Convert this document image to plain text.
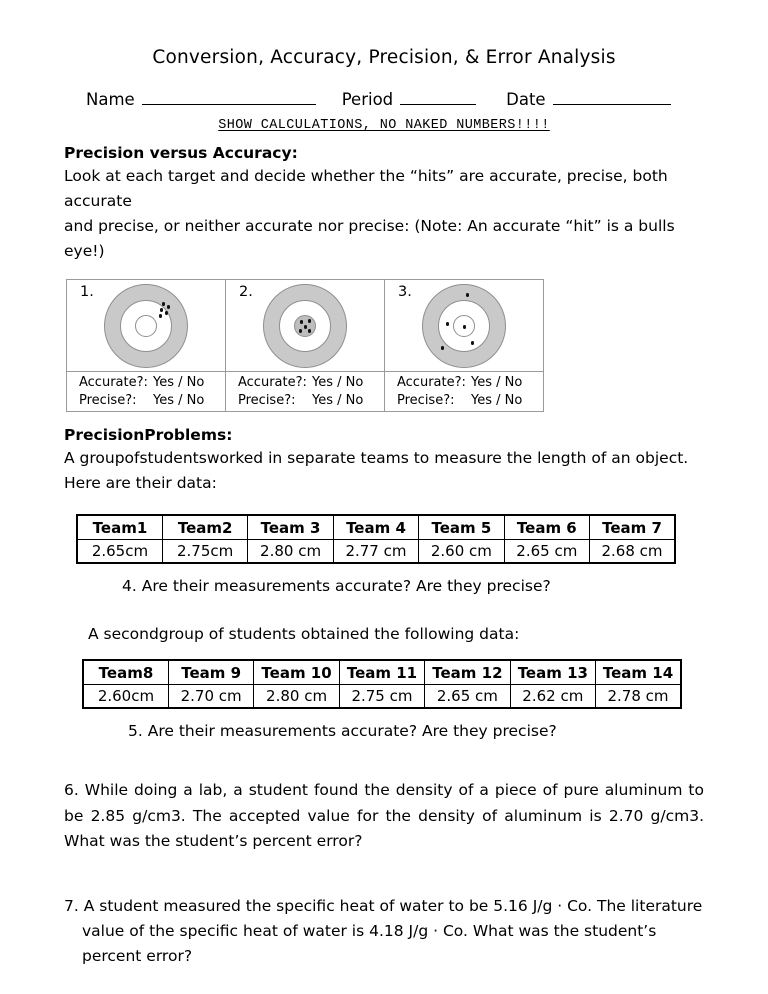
Conversion, Accuracy, Precision, & Error Analysis
Name	Period	Date
SHOW CALCULATIONS, NO NAKED NUMBERS!!!!
Precision versus Accuracy:
Look at each target and decide whether the “hits” are accurate, precise, both accurate
and precise, or neither accurate nor precise: (Note: An accurate “hit” is a bulls eye!)
1.	2.	3.

Accurate?: Yes / No
Precise?: Yes / No

Accurate?: Yes / No
Precise?: Yes / No

Accurate?: Yes / No
Precise?: Yes / No
PrecisionProblems:
A groupofstudentsworked in separate teams to measure the length of an object.
Here are their data:
Team1	Team2	Team 3	Team 4	Team 5	Team 6	Team 7
2.65cm	2.75cm	2.80 cm	2.77 cm	2.60 cm	2.65 cm	2.68 cm
4. Are their measurements accurate? Are they precise?
A secondgroup of students obtained the following data:
Team8	Team 9	Team 10	Team 11	Team 12	Team 13	Team 14
2.60cm	2.70 cm	2.80 cm	2.75 cm	2.65 cm	2.62 cm	2.78 cm
5. Are their measurements accurate? Are they precise?
6. While doing a lab, a student found the density of a piece of pure aluminum to be 2.85 g/cm3. The accepted value for the density of aluminum is 2.70 g/cm3. What was the student’s percent error?
7. A student measured the specific heat of water to be 5.16 J/g · Co. The literature
value of the specific heat of water is 4.18 J/g · Co. What was the student’s
percent error?
